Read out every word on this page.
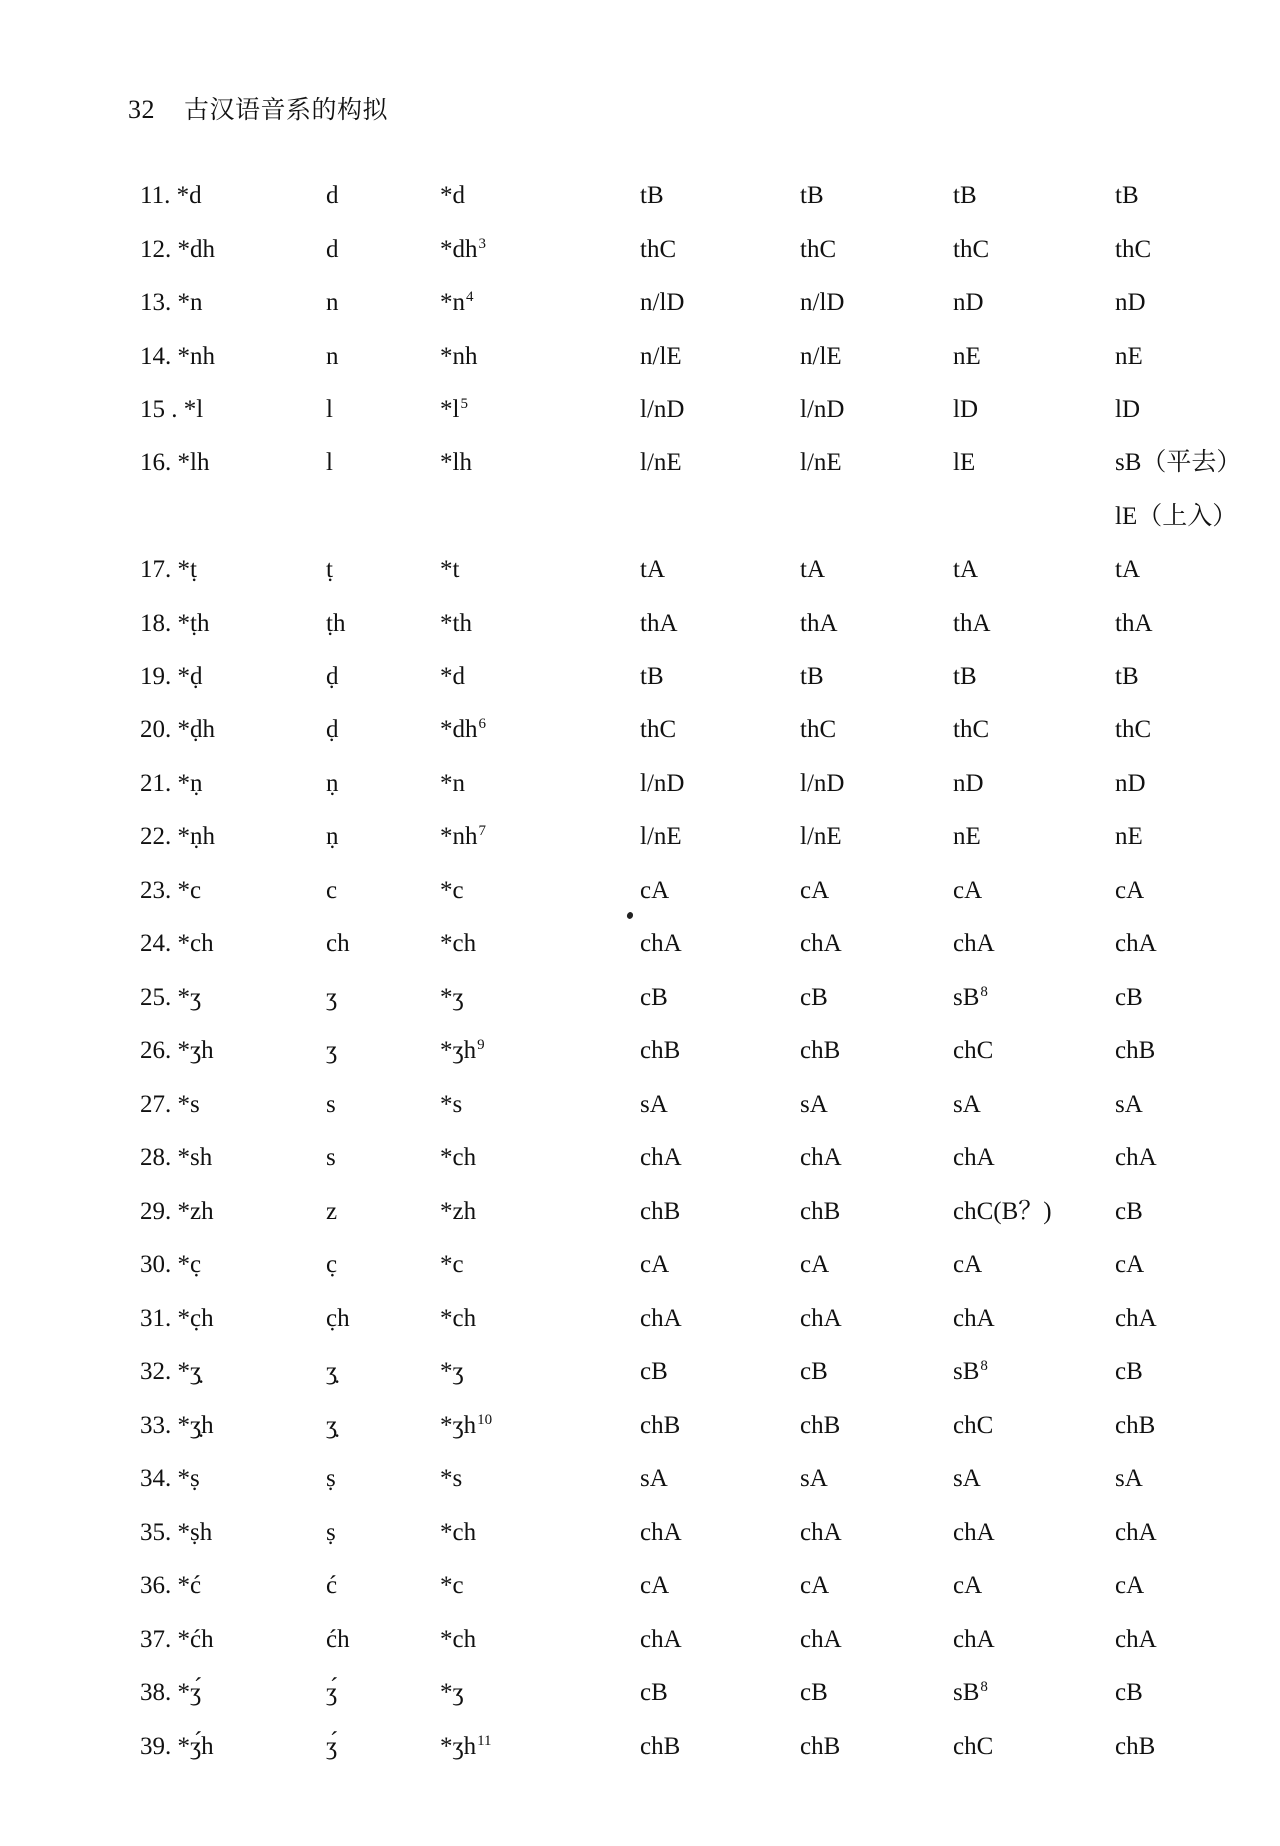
32 古汉语音系的构拟
11. *d	d	*d	tB	tB	tB	tB
12. *dh	d	$*dh^3$	thC	thC	thC	thC
13. *n	n	$*n^4$	n/lD	n/lD	nD	nD
14. *nh	n	*nh	n/lE	n/lE	nE	nE
15 . *l	l	$*l^5$	l/nD	l/nD	lD	lD
16. *lh	l	*lh	l/nE	l/nE	lE	sB（平去）
lE（上入）
17. *ṭ	ṭ	*t	tA	tA	tA	tA
18. *ṭh	ṭh	*th	thA	thA	thA	thA
19. *ḍ	ḍ	*d	tB	tB	tB	tB
20. *ḍh	ḍ	$*dh^6$	thC	thC	thC	thC
21. *ṇ	ṇ	*n	l/nD	l/nD	nD	nD
22. *ṇh	ṇ	$*nh^7$	l/nE	l/nE	nE	nE
23. *c	c	*c	cA	cA	cA	cA
24. *ch	ch	*ch	chA	chA	chA	chA
25. *ʒ	ʒ	*ʒ	cB	cB	$sB^8$	cB
26. *ʒh	ʒ	*ʒh$^9$	chB	chB	chC	chB
27. *s	s	*s	sA	sA	sA	sA
28. *sh	s	*ch	chA	chA	chA	chA
29. *zh	z	*zh	chB	chB	chC(B？)	cB
30. *c̣	c̣	*c	cA	cA	cA	cA
31. *c̣h	c̣h	*ch	chA	chA	chA	chA
32. *ʒ̣	ʒ̣	*ʒ	cB	cB	$sB^8$	cB
33. *ʒ̣h	ʒ̣	*ʒh$^{10}$	chB	chB	chC	chB
34. *ṣ	ṣ	*s	sA	sA	sA	sA
35. *ṣh	ṣ	*ch	chA	chA	chA	chA
36. *ć	ć	*c	cA	cA	cA	cA
37. *ćh	ćh	*ch	chA	chA	chA	chA
38. *ʒ́	ʒ́	*ʒ	cB	cB	$sB^8$	cB
39. *ʒ́h	ʒ́	*ʒh$^{11}$	chB	chB	chC	chB
